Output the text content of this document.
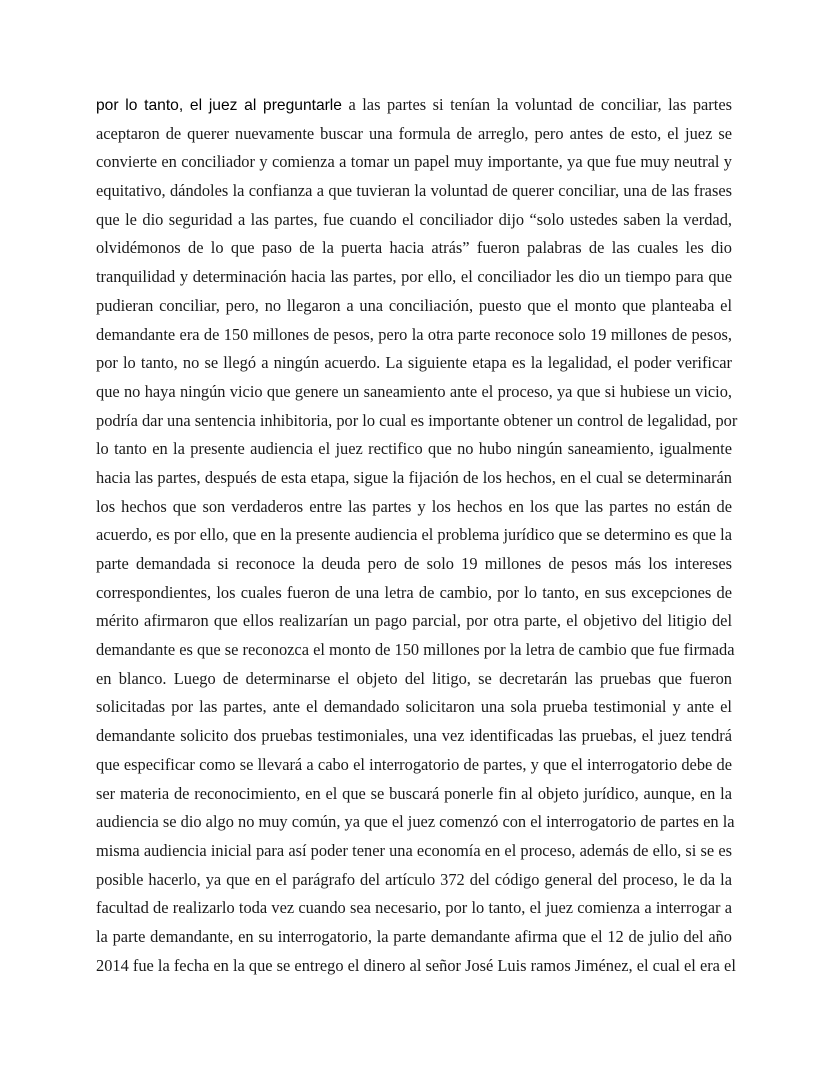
por lo tanto, el juez al preguntarle a las partes si tenían la voluntad de conciliar, las partes
aceptaron de querer nuevamente buscar una formula de arreglo, pero antes de esto, el juez se
convierte en conciliador y comienza a tomar un papel muy importante, ya que fue muy neutral y
equitativo, dándoles la confianza a que tuvieran la voluntad de querer conciliar, una de las frases
que le dio seguridad a las partes, fue cuando el conciliador dijo “solo ustedes saben la verdad,
olvidémonos de lo que paso de la puerta hacia atrás” fueron palabras de las cuales les dio
tranquilidad y determinación hacia las partes, por ello, el conciliador les dio un tiempo para que
pudieran conciliar, pero, no llegaron a una conciliación, puesto que el monto que planteaba el
demandante era de 150 millones de pesos, pero la otra parte reconoce solo 19 millones de pesos,
por lo tanto, no se llegó a ningún acuerdo. La siguiente etapa es la legalidad, el poder verificar
que no haya ningún vicio que genere un saneamiento ante el proceso, ya que si hubiese un vicio,
podría dar una sentencia inhibitoria, por lo cual es importante obtener un control de legalidad, por
lo tanto en la presente audiencia el juez rectifico que no hubo ningún saneamiento, igualmente
hacia las partes, después de esta etapa, sigue la fijación de los hechos, en el cual se determinarán
los hechos que son verdaderos entre las partes y los hechos en los que las partes no están de
acuerdo, es por ello, que en la presente audiencia el problema jurídico que se determino es que la
parte demandada si reconoce la deuda pero de solo 19 millones de pesos más los intereses
correspondientes, los cuales fueron de una letra de cambio, por lo tanto, en sus excepciones de
mérito afirmaron que ellos realizarían un pago parcial, por otra parte, el objetivo del litigio del
demandante es que se reconozca el monto de 150 millones por la letra de cambio que fue firmada
en blanco. Luego de determinarse el objeto del litigo, se decretarán las pruebas que fueron
solicitadas por las partes, ante el demandado solicitaron una sola prueba testimonial y ante el
demandante solicito dos pruebas testimoniales, una vez identificadas las pruebas, el juez tendrá
que especificar como se llevará a cabo el interrogatorio de partes, y que el interrogatorio debe de
ser materia de reconocimiento, en el que se buscará ponerle fin al objeto jurídico, aunque, en la
audiencia se dio algo no muy común, ya que el juez comenzó con el interrogatorio de partes en la
misma audiencia inicial para así poder tener una economía en el proceso, además de ello, si se es
posible hacerlo, ya que en el parágrafo del artículo 372 del código general del proceso, le da la
facultad de realizarlo toda vez cuando sea necesario, por lo tanto, el juez comienza a interrogar a
la parte demandante, en su interrogatorio, la parte demandante afirma que el 12 de julio del año
2014 fue la fecha en la que se entrego el dinero al señor José Luis ramos Jiménez, el cual el era el
